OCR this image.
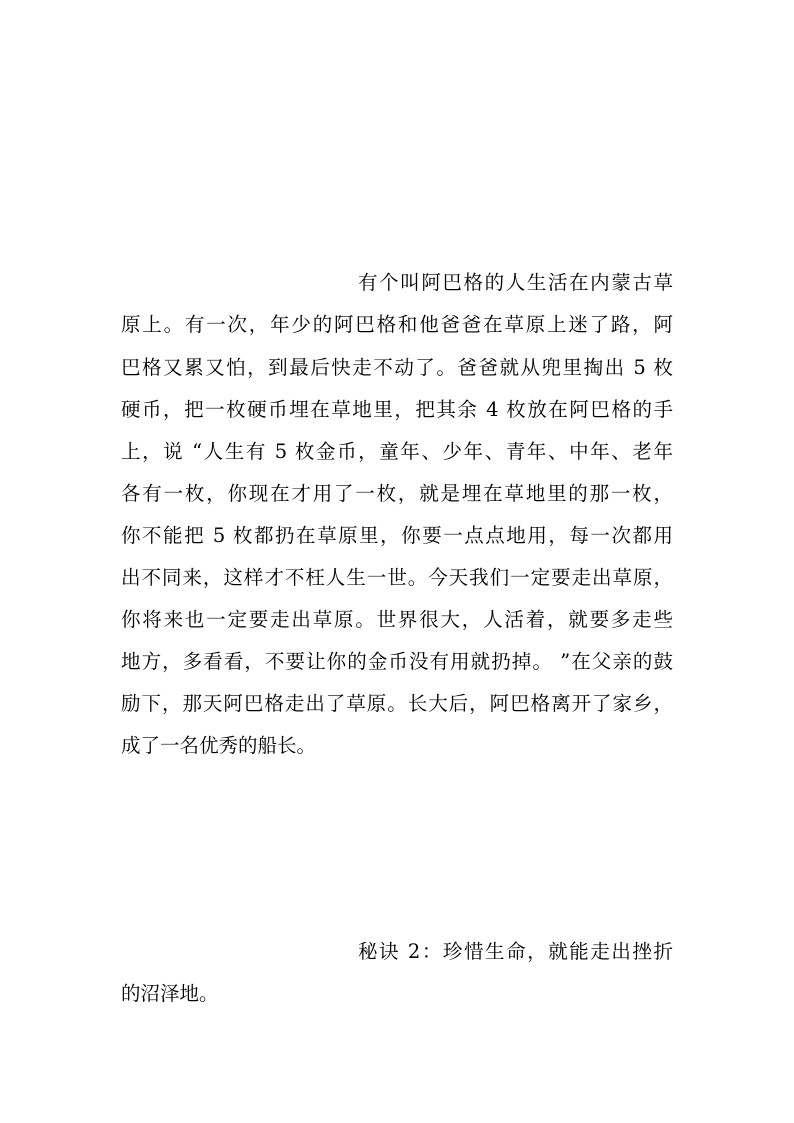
有个叫阿巴格的人生活在内蒙古草
原上。有一次，年少的阿巴格和他爸爸在草原上迷了路，阿
巴格又累又怕，到最后快走不动了。爸爸就从兜里掏出 5 枚
硬币，把一枚硬币埋在草地里，把其余 4 枚放在阿巴格的手
上，说 “人生有 5 枚金币，童年、少年、青年、中年、老年
各有一枚，你现在才用了一枚，就是埋在草地里的那一枚，
你不能把 5 枚都扔在草原里，你要一点点地用，每一次都用
出不同来，这样才不枉人生一世。今天我们一定要走出草原，
你将来也一定要走出草原。世界很大，人活着，就要多走些
地方，多看看，不要让你的金币没有用就扔掉。 ”在父亲的鼓
励下，那天阿巴格走出了草原。长大后，阿巴格离开了家乡，
成了一名优秀的船长。
秘诀 2：珍惜生命，就能走出挫折
的沼泽地。
